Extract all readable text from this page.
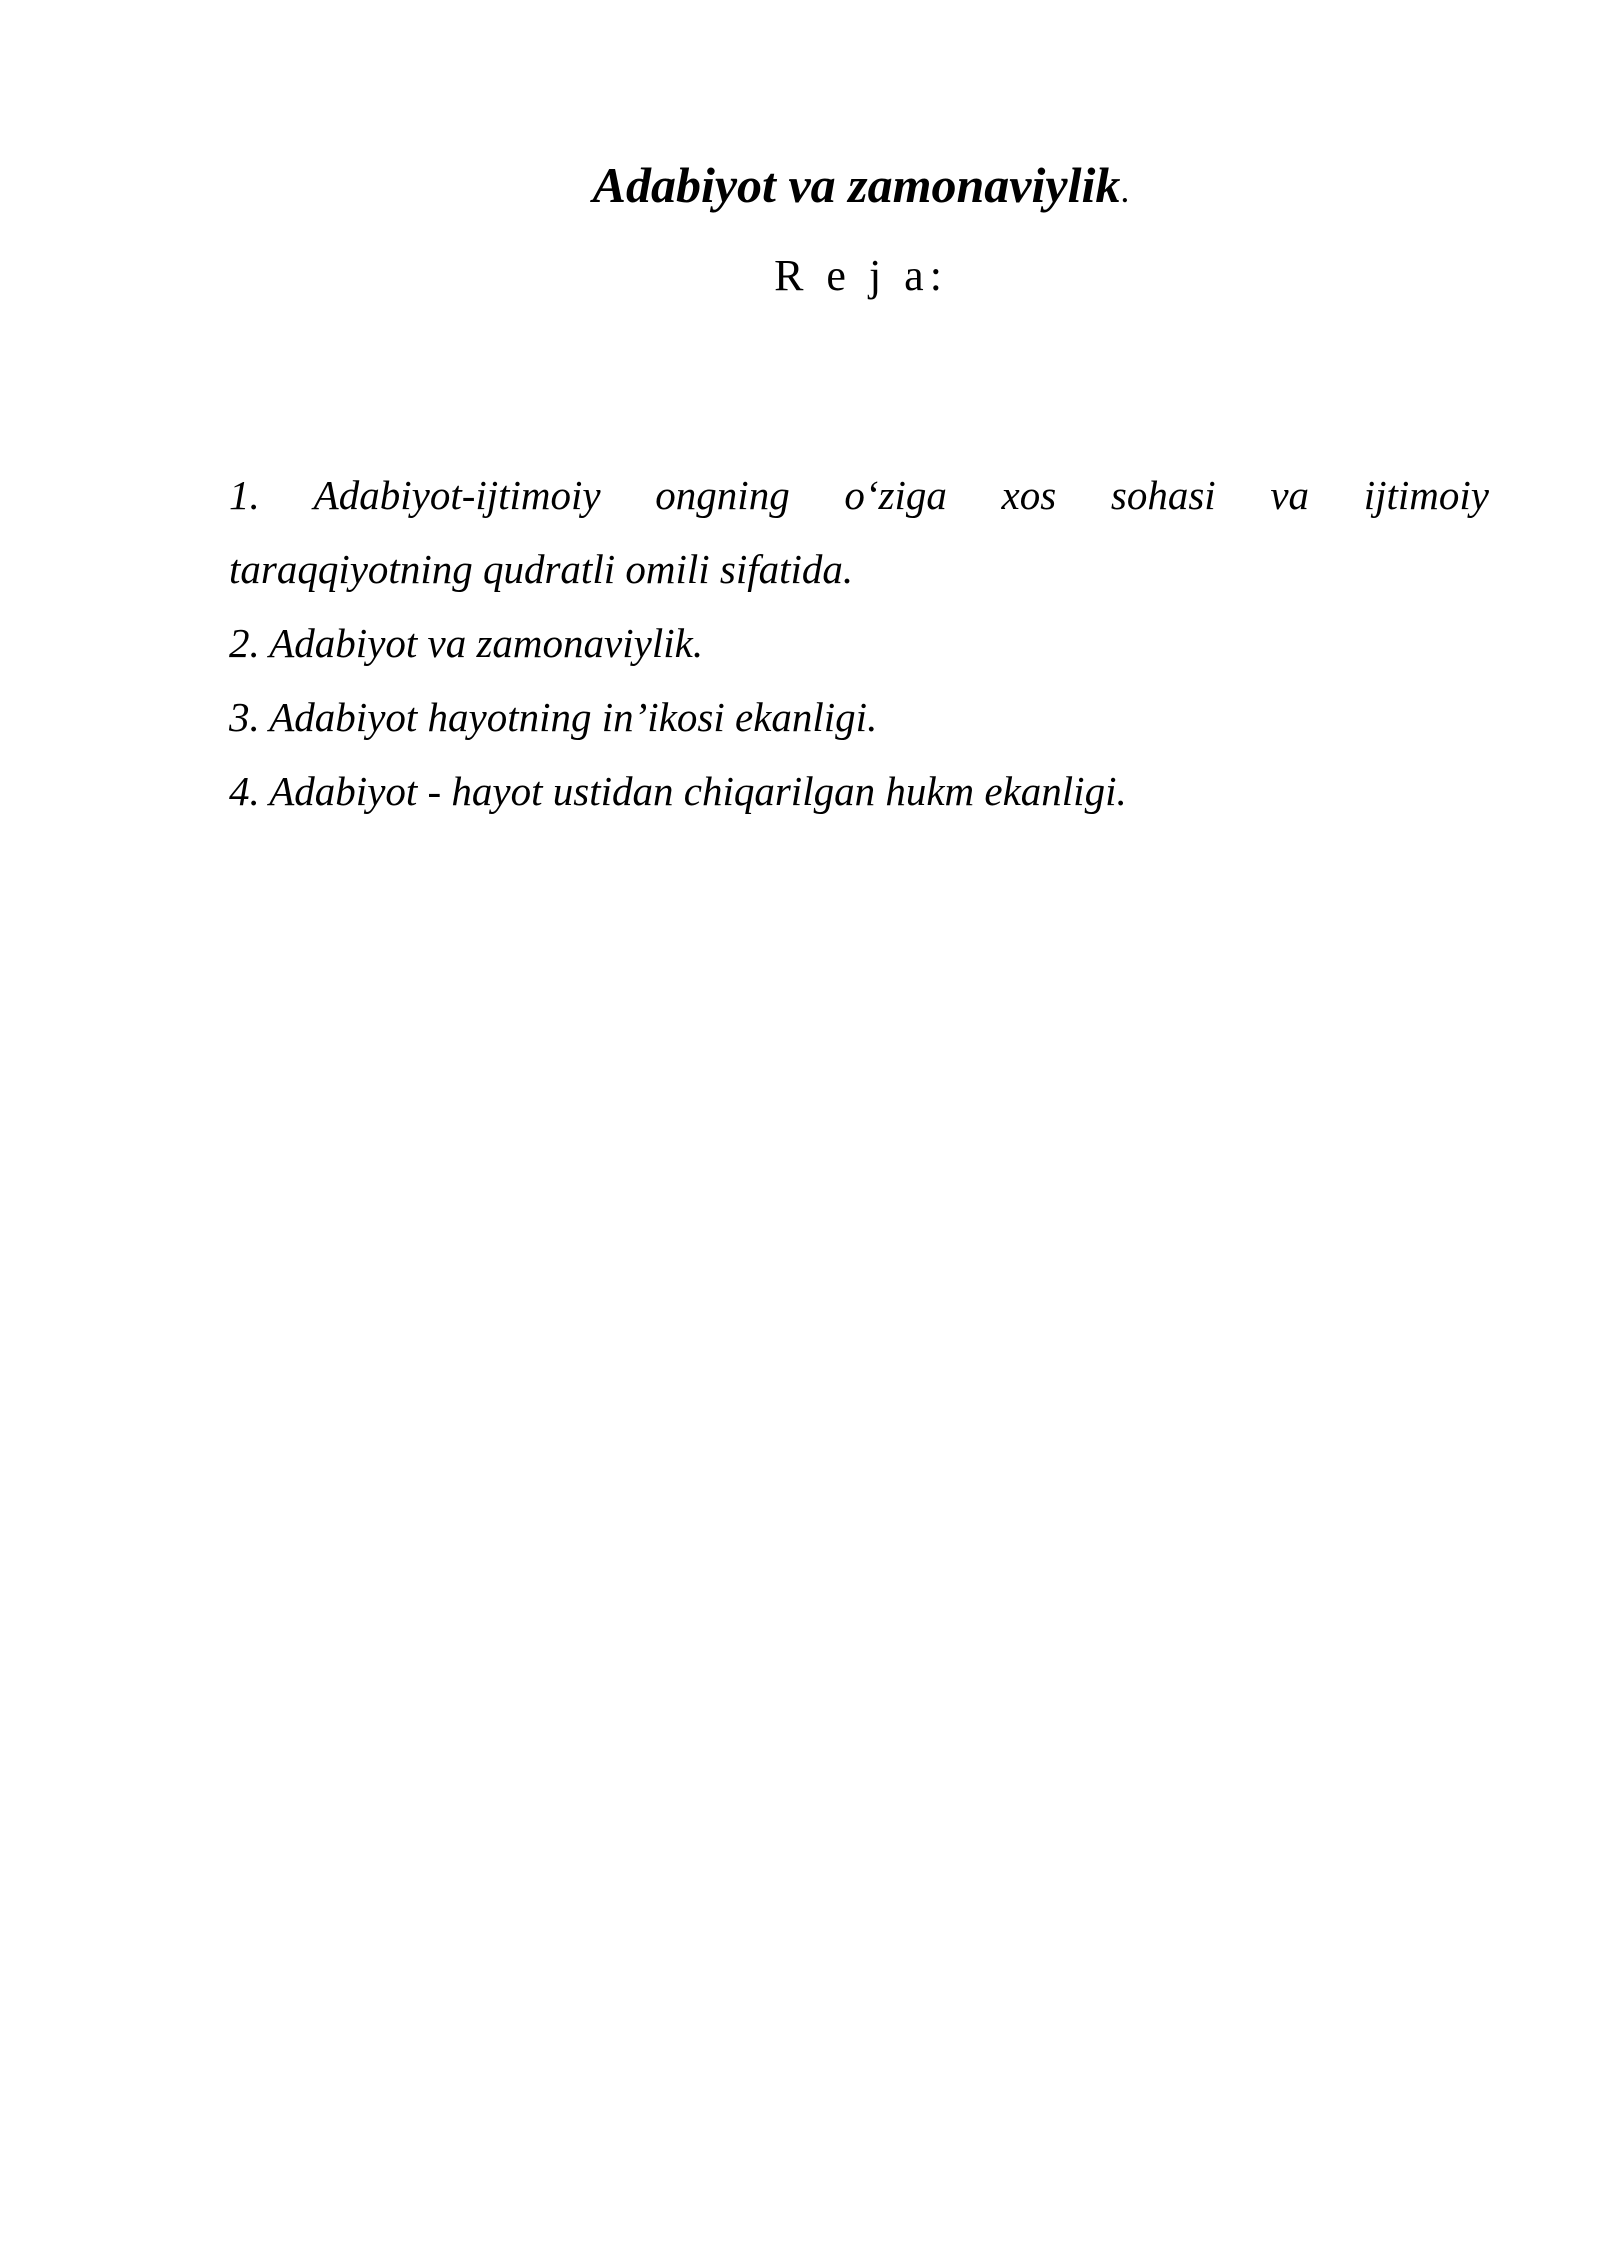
Adabiyot va zamonaviylik.
R e j a:

1. Adabiyot-ijtimoiy ongning o‘ziga xos sohasi va ijtimoiy
taraqqiyotning qudratli omili sifatida.

2. Adabiyot va zamonaviylik.

3. Adabiyot hayotning in’ikosi ekanligi.

4. Adabiyot - hayot ustidan chiqarilgan hukm ekanligi.
